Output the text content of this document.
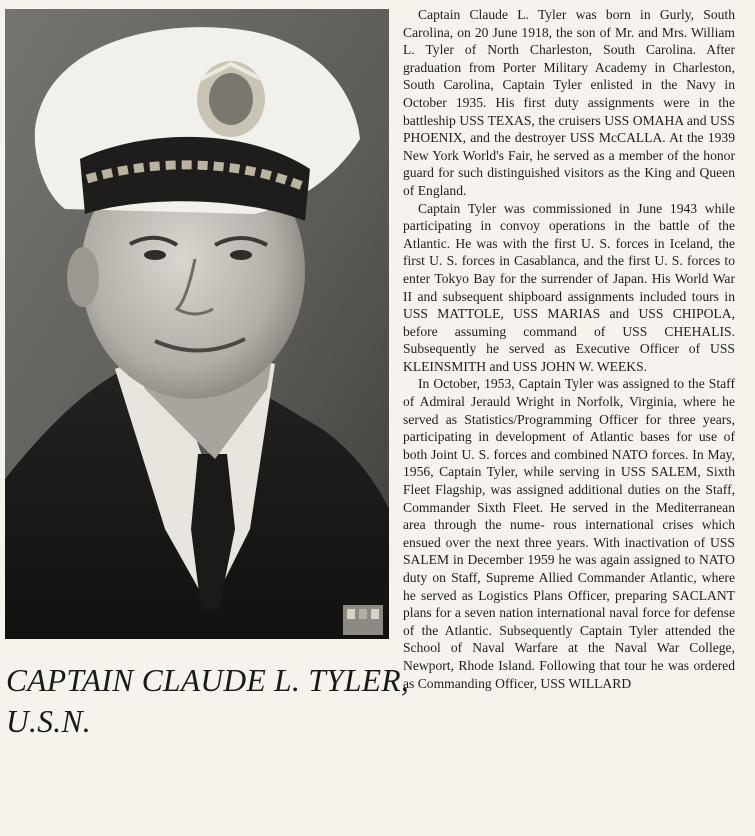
CAPTAIN CLAUDE L. TYLER,
U.S.N.

Captain Claude L. Tyler was born in Gurly, South Carolina, on 20 June 1918, the son of Mr. and Mrs. William L. Tyler of North Charleston, South Carolina. After graduation from Porter Military Academy in Charleston, South Carolina, Captain Tyler enlisted in the Navy in October 1935. His first duty assignments were in the battleship USS TEXAS, the cruisers USS OMAHA and USS PHOENIX, and the destroyer USS McCALLA. At the 1939 New York World's Fair, he served as a member of the honor guard for such distinguished visitors as the King and Queen of England.

Captain Tyler was commissioned in June 1943 while participating in convoy operations in the battle of the Atlantic. He was with the first U. S. forces in Iceland, the first U. S. forces in Casablanca, and the first U. S. forces to enter Tokyo Bay for the surrender of Japan. His World War II and subsequent shipboard assignments included tours in USS MATTOLE, USS MARIAS and USS CHIPOLA, before assuming command of USS CHEHALIS. Subsequently he served as Executive Officer of USS KLEINSMITH and USS JOHN W. WEEKS.

In October, 1953, Captain Tyler was assigned to the Staff of Admiral Jerauld Wright in Norfolk, Virginia, where he served as Statistics/Programming Officer for three years, participating in development of Atlantic bases for use of both Joint U. S. forces and combined NATO forces. In May, 1956, Captain Tyler, while serving in USS SALEM, Sixth Fleet Flagship, was assigned additional duties on the Staff, Commander Sixth Fleet. He served in the Mediterranean area through the nume- rous international crises which ensued over the next three years. With inactivation of USS SALEM in December 1959 he was again assigned to NATO duty on Staff, Supreme Allied Commander Atlantic, where he served as Logistics Plans Officer, preparing SACLANT plans for a seven nation international naval force for defense of the Atlantic. Subsequently Captain Tyler attended the School of Naval Warfare at the Naval War College, Newport, Rhode Island. Following that tour he was ordered as Commanding Officer, USS WILLARD
